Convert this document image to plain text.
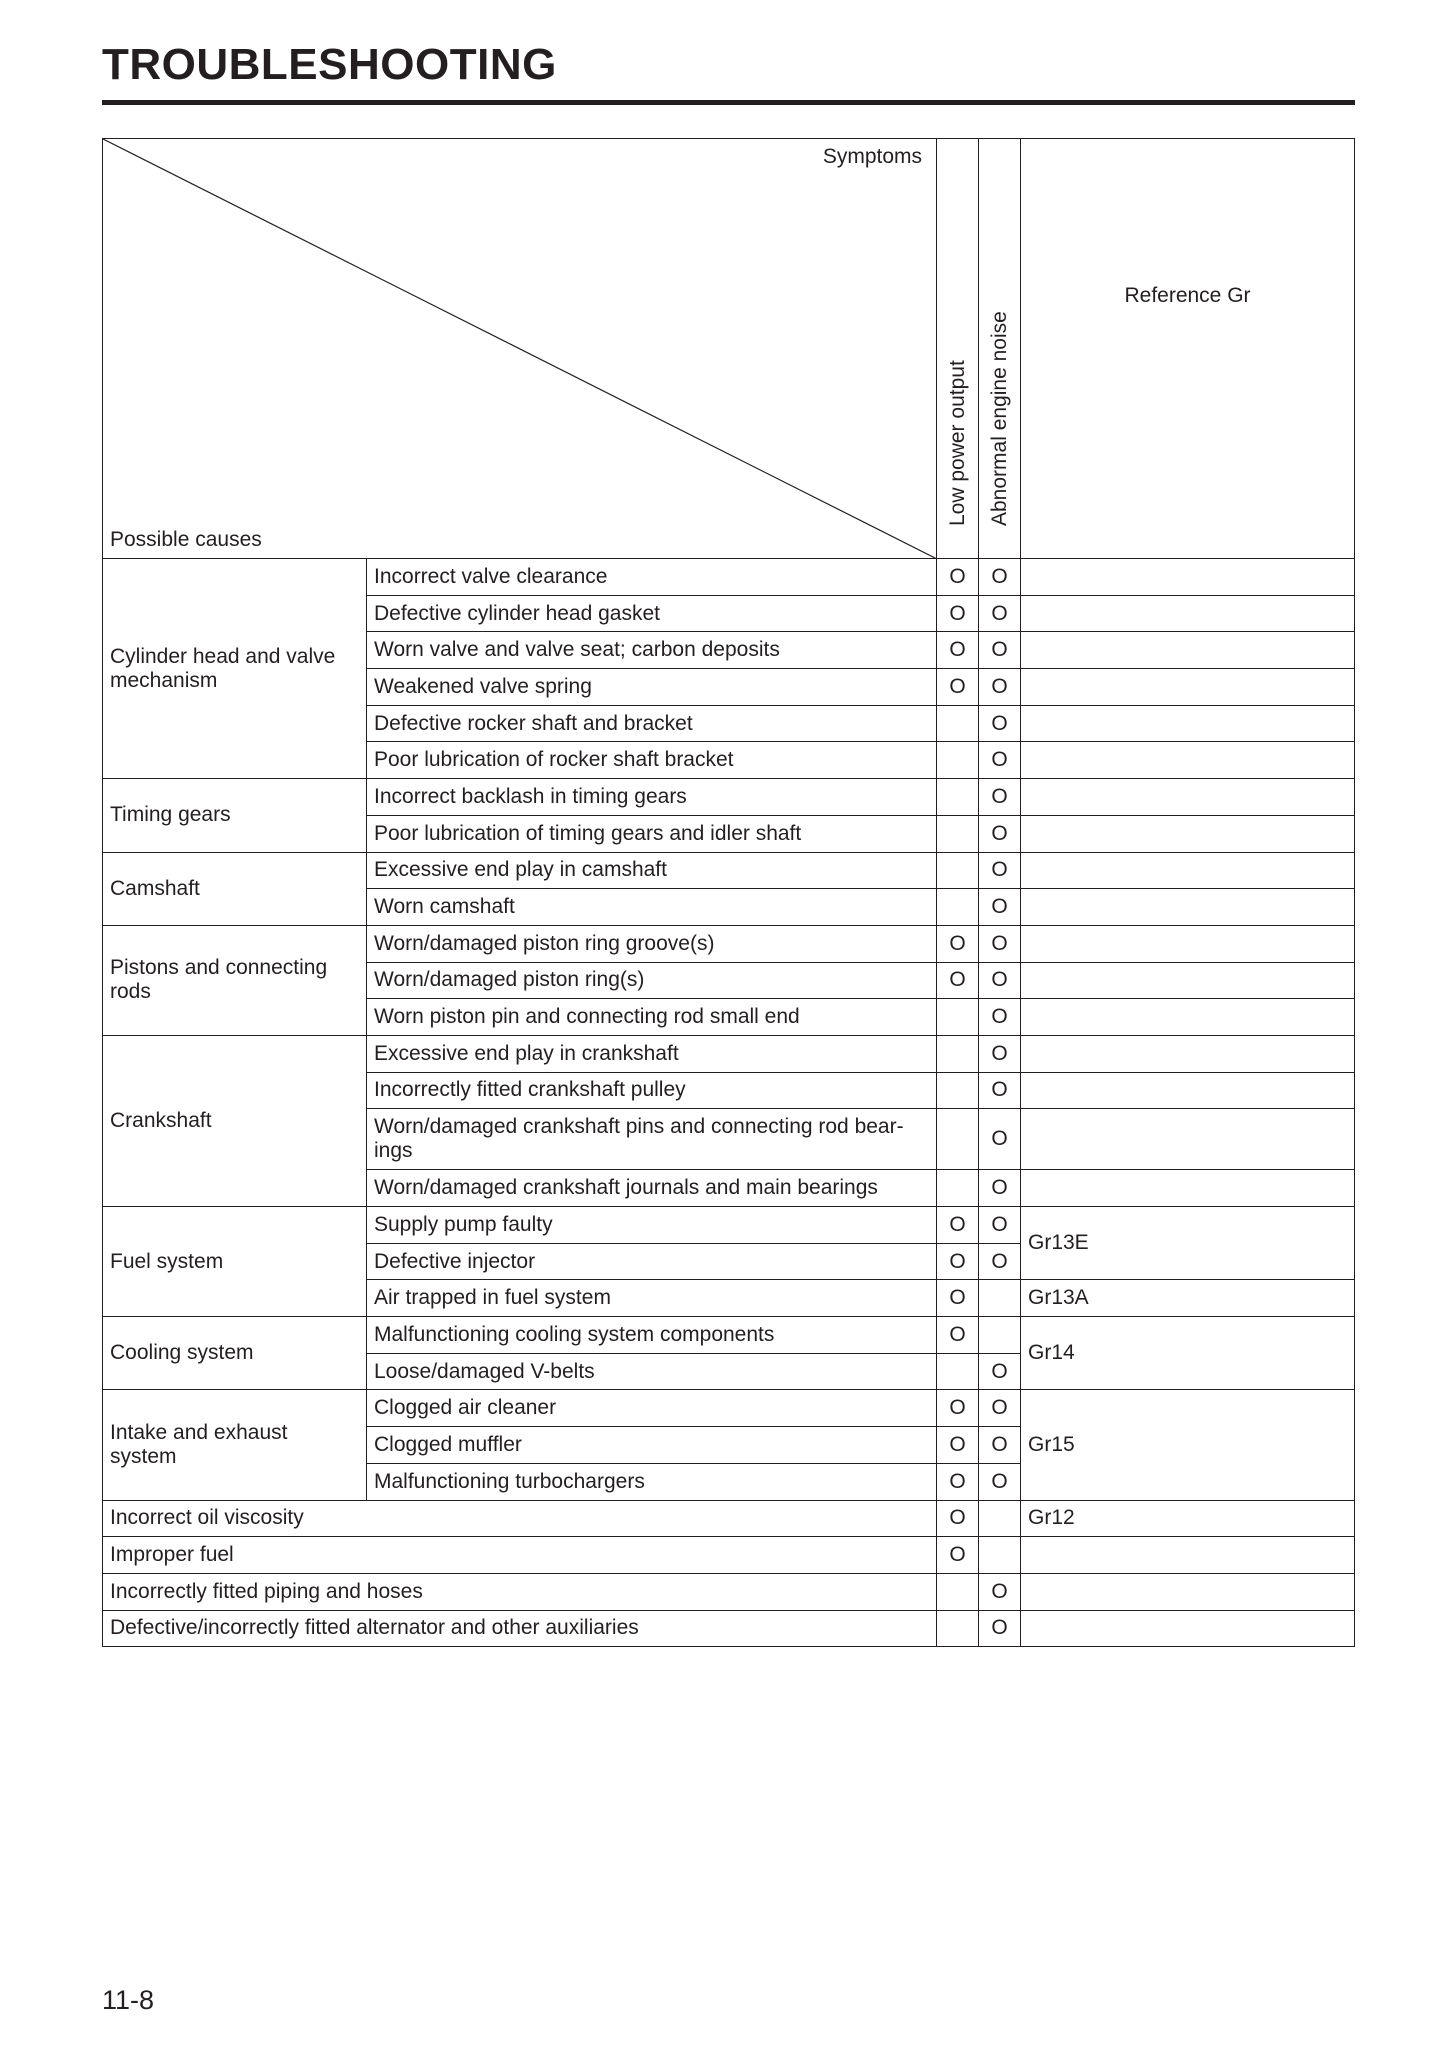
TROUBLESHOOTING
Symptoms
Possible causes		Low power output	Abnormal engine noise	Reference Gr
Cylinder head and valve mechanism	Incorrect valve clearance	O	O	
	Defective cylinder head gasket	O	O	
	Worn valve and valve seat; carbon deposits	O	O	
	Weakened valve spring	O	O	
	Defective rocker shaft and bracket		O	
	Poor lubrication of rocker shaft bracket		O	
Timing gears	Incorrect backlash in timing gears		O	
	Poor lubrication of timing gears and idler shaft		O	
Camshaft	Excessive end play in camshaft		O	
	Worn camshaft		O	
Pistons and connecting rods	Worn/damaged piston ring groove(s)	O	O	
	Worn/damaged piston ring(s)	O	O	
	Worn piston pin and connecting rod small end		O	
Crankshaft	Excessive end play in crankshaft		O	
	Incorrectly fitted crankshaft pulley		O	
	Worn/damaged crankshaft pins and connecting rod bear-ings		O	
	Worn/damaged crankshaft journals and main bearings		O	
Fuel system	Supply pump faulty	O	O	Gr13E
	Defective injector	O	O	
	Air trapped in fuel system	O		Gr13A
Cooling system	Malfunctioning cooling system components	O		Gr14
	Loose/damaged V-belts		O	
Intake and exhaust system	Clogged air cleaner	O	O	Gr15
	Clogged muffler	O	O	
	Malfunctioning turbochargers	O	O	
Incorrect oil viscosity		O		Gr12
Improper fuel		O		
Incorrectly fitted piping and hoses			O	
Defective/incorrectly fitted alternator and other auxiliaries			O	
11-8
